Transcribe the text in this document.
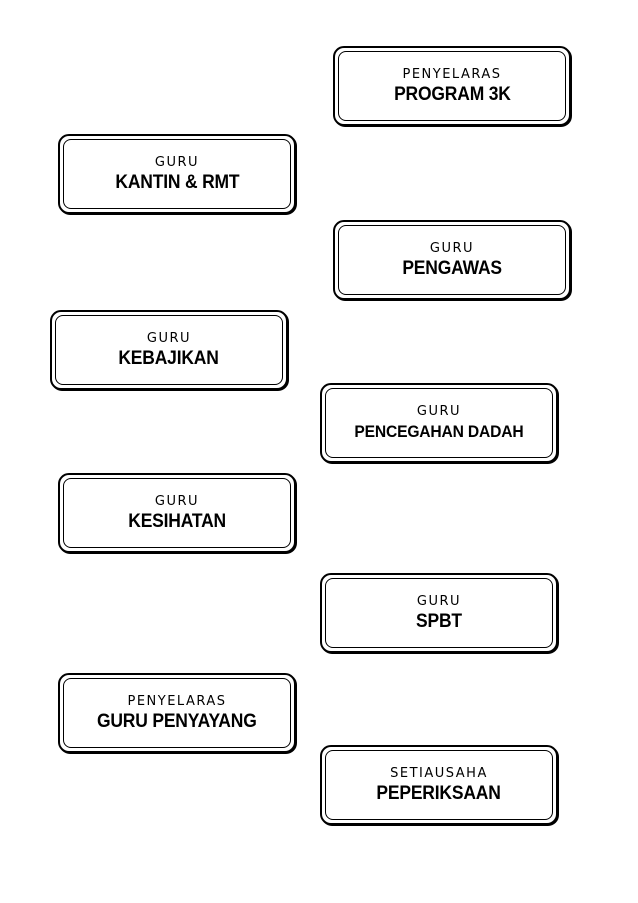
PENYELARAS
PROGRAM 3K
GURU
KANTIN & RMT
GURU
PENGAWAS
GURU
KEBAJIKAN
GURU
PENCEGAHAN DADAH
GURU
KESIHATAN
GURU
SPBT
PENYELARAS
GURU PENYAYANG
SETIAUSAHA
PEPERIKSAAN
